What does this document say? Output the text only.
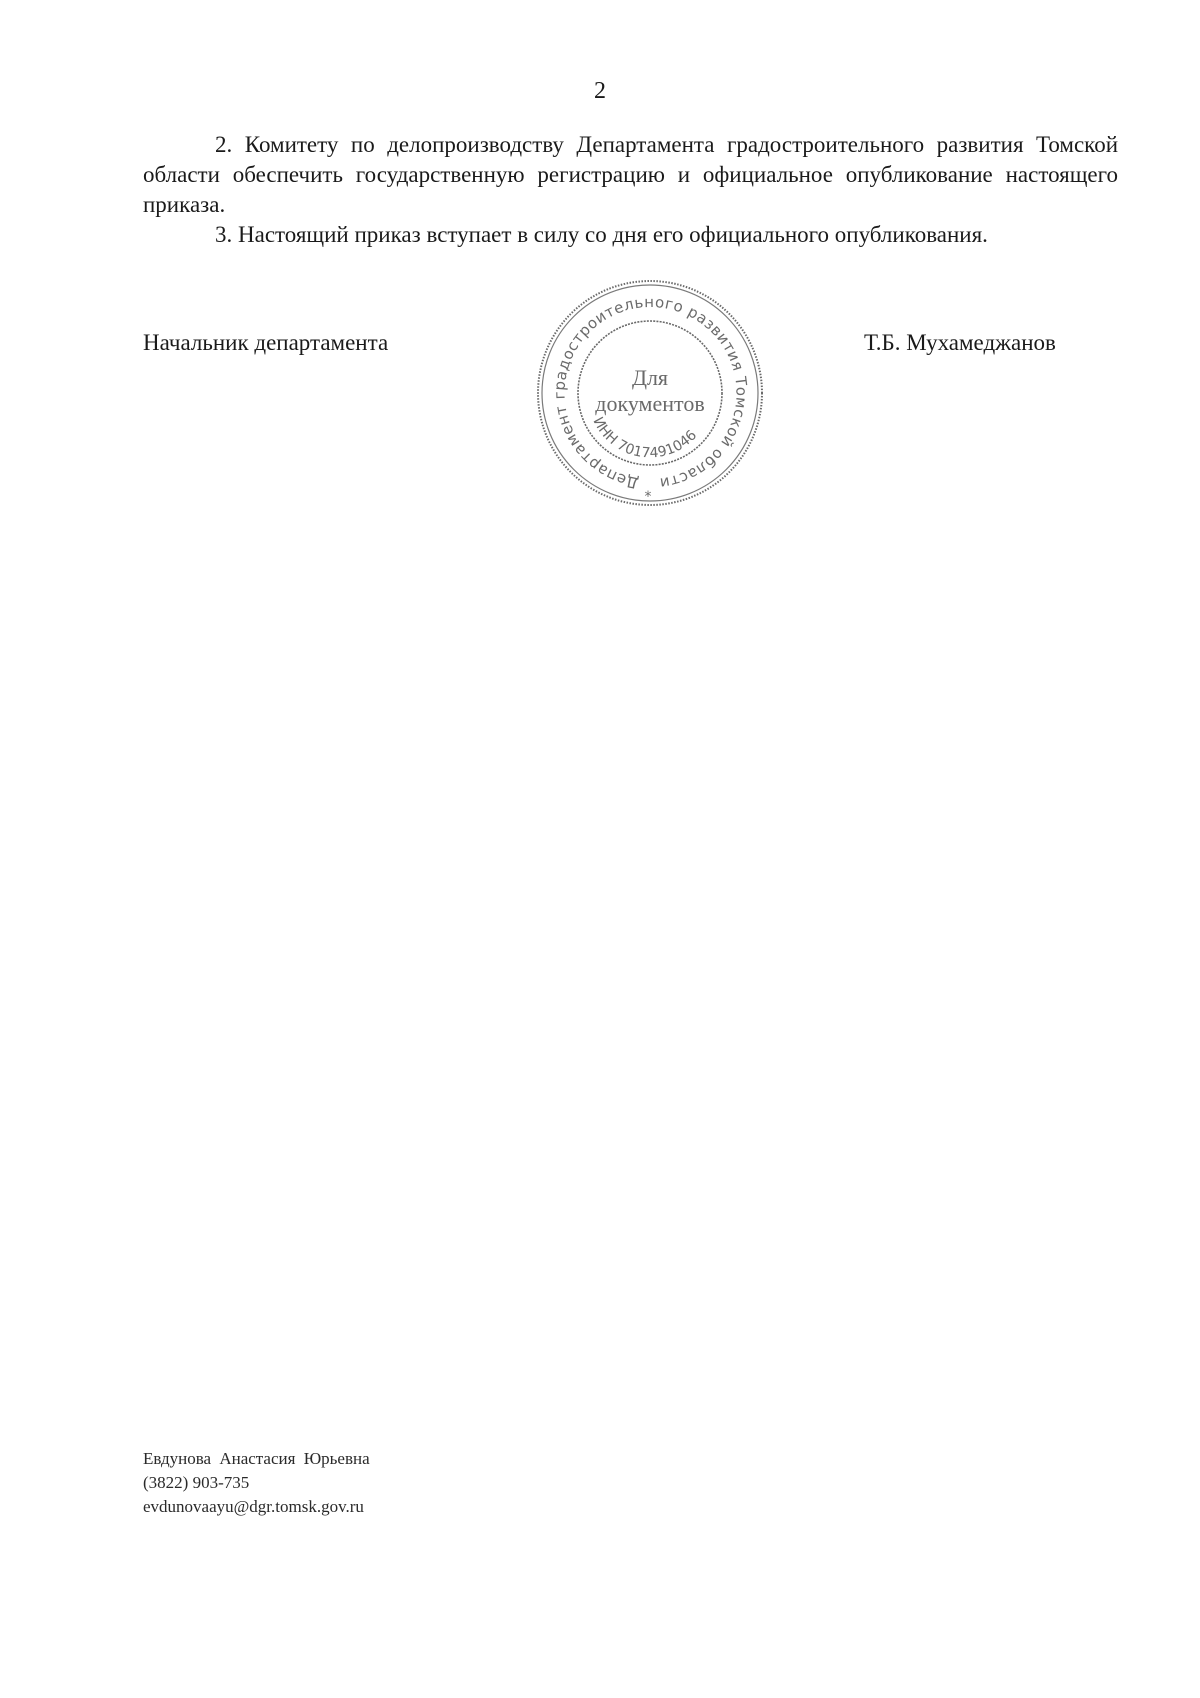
2

2. Комитету по делопроизводству Департамента градостроительного развития Томской области обеспечить государственную регистрацию и официальное опубликование настоящего приказа.

3. Настоящий приказ вступает в силу со дня его официального опубликования.

Начальник департамента	Т.Б. Мухамеджанов
Департамент градостроительного развития Томской области
Для
документов
ИНН 7017491046
*
Евдунова Анастасия Юрьевна
(3822) 903-735
evdunovaayu@dgr.tomsk.gov.ru
